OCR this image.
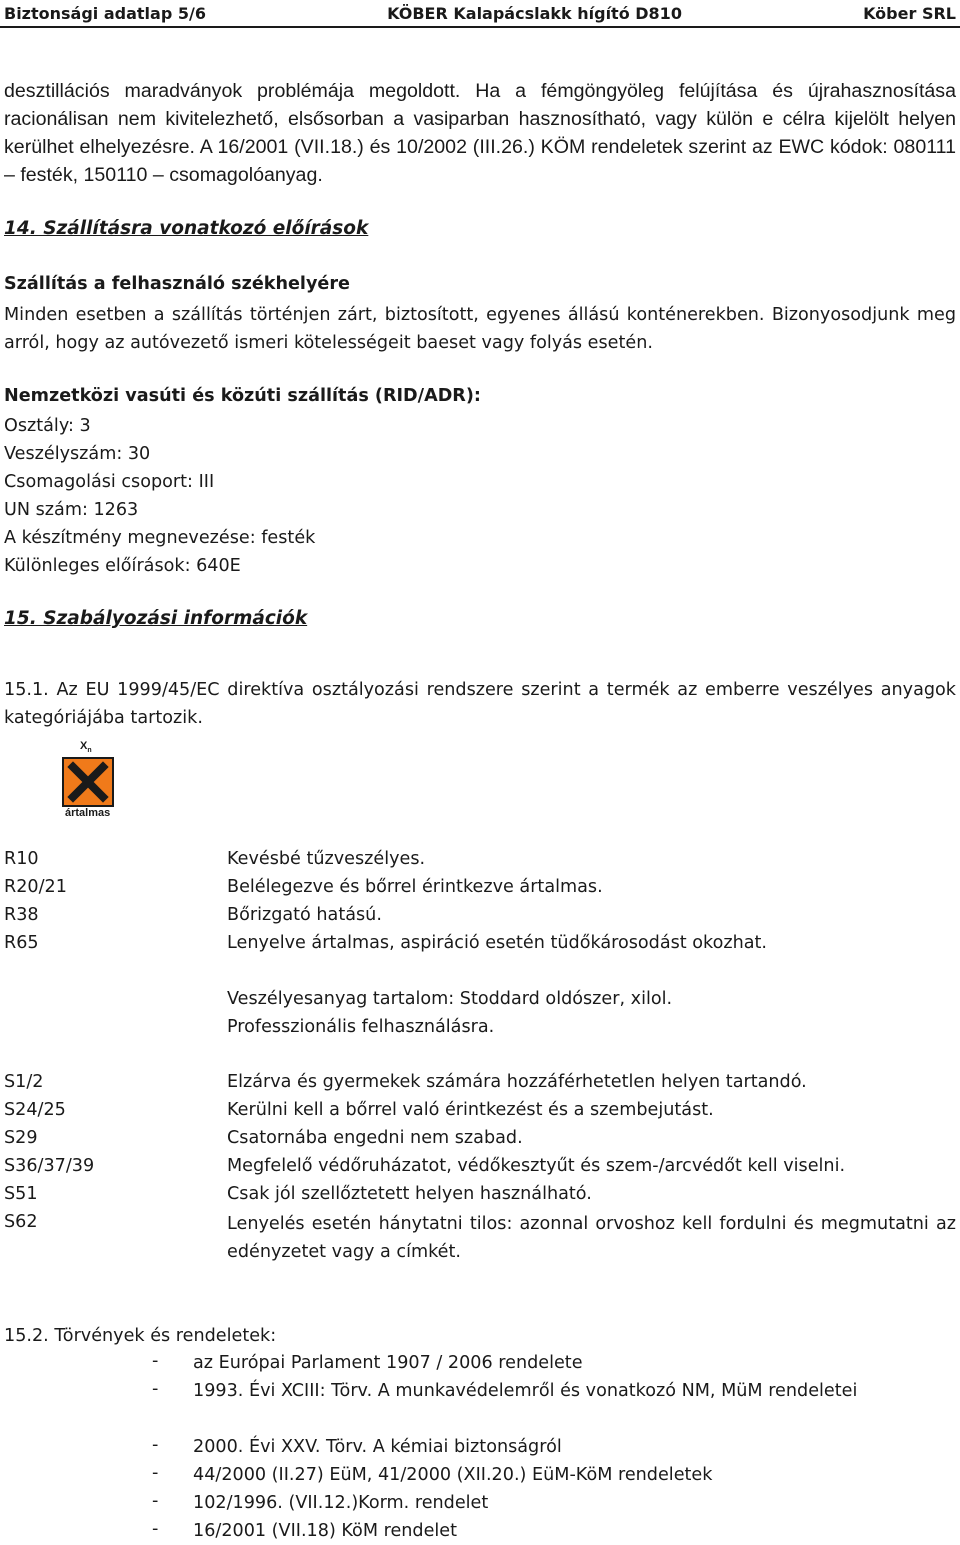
Biztonsági adatlap 5/6	KÖBER Kalapácslakk hígító D810	Köber SRL
desztillációs maradványok problémája megoldott. Ha a fémgöngyöleg felújítása és újrahasznosítása racionálisan nem kivitelezhető, elsősorban a vasiparban hasznosítható, vagy külön e célra kijelölt helyen kerülhet elhelyezésre. A 16/2001 (VII.18.) és 10/2002 (III.26.) KÖM rendeletek szerint az EWC kódok: 080111 – festék, 150110 – csomagolóanyag.
14. Szállításra vonatkozó előírások
Szállítás a felhasználó székhelyére
Minden esetben a szállítás történjen zárt, biztosított, egyenes állású konténerekben. Bizonyosodjunk meg arról, hogy az autóvezető ismeri kötelességeit baeset vagy folyás esetén.
Nemzetközi vasúti és közúti szállítás (RID/ADR):
Osztály: 3
Veszélyszám: 30
Csomagolási csoport: III
UN szám: 1263
A készítmény megnevezése: festék
Különleges előírások: 640E
15. Szabályozási információk
15.1. Az EU 1999/45/EC direktíva osztályozási rendszere szerint a termék az emberre veszélyes anyagok kategóriájába tartozik.
$X_n$
ártalmas
R10	Kevésbé tűzveszélyes.
R20/21	Belélegezve és bőrrel érintkezve ártalmas.
R38	Bőrizgató hatású.
R65	Lenyelve ártalmas, aspiráció esetén tüdőkárosodást okozhat.
Veszélyesanyag tartalom: Stoddard oldószer, xilol.
Professzionális felhasználásra.
S1/2	Elzárva és gyermekek számára hozzáférhetetlen helyen tartandó.
S24/25	Kerülni kell a bőrrel való érintkezést és a szembejutást.
S29	Csatornába engedni nem szabad.
S36/37/39	Megfelelő védőruházatot, védőkesztyűt és szem-/arcvédőt kell viselni.
S51	Csak jól szellőztetett helyen használható.
S62	Lenyelés esetén hánytatni tilos: azonnal orvoshoz kell fordulni és megmutatni az edényzetet vagy a címkét.
15.2. Törvények és rendeletek:
- az Európai Parlament 1907 / 2006 rendelete
- 1993. Évi XCIII: Törv. A munkavédelemről és vonatkozó NM, MüM rendeletei
- 2000. Évi XXV. Törv. A kémiai biztonságról
- 44/2000 (II.27) EüM, 41/2000 (XII.20.) EüM-KöM rendeletek
- 102/1996. (VII.12.)Korm. rendelet
- 16/2001 (VII.18) KöM rendelet
